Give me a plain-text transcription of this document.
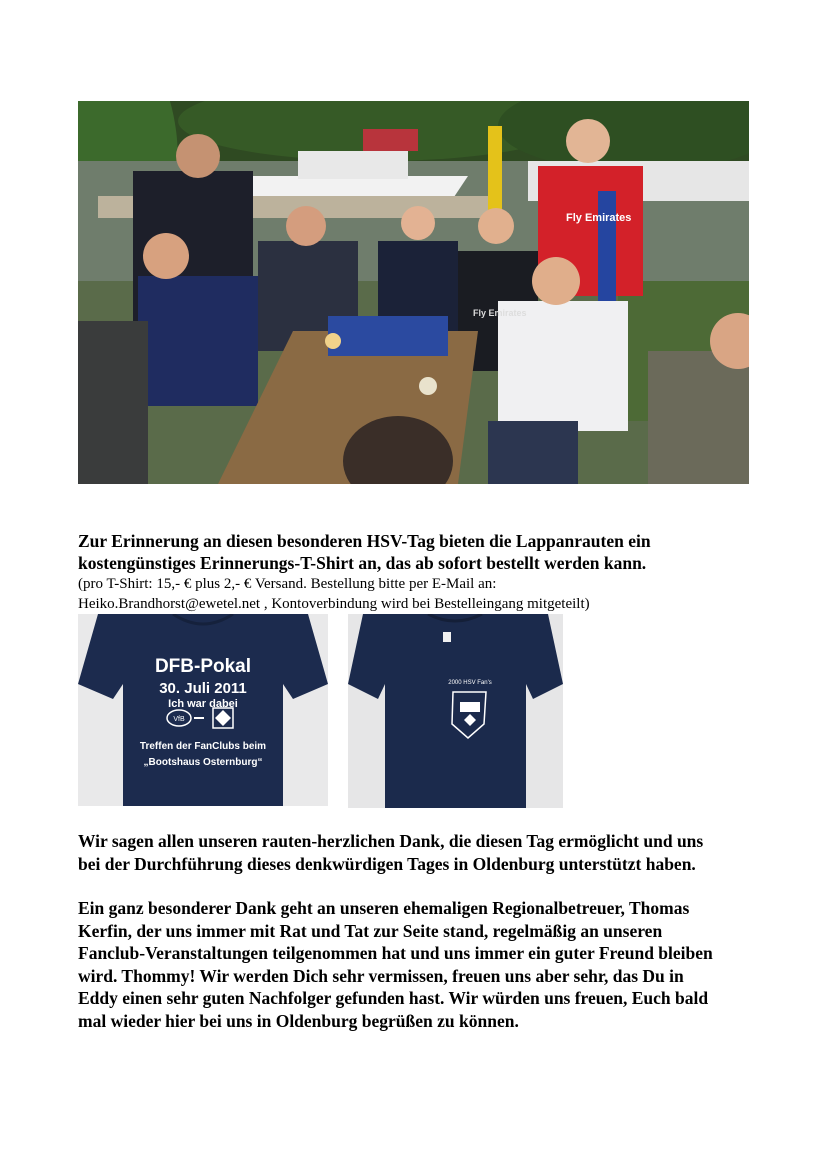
Fly Emirates
Fly Emirates

Zur Erinnerung an diesen besonderen HSV-Tag bieten die Lappanrauten ein

kostengünstiges Erinnerungs-T-Shirt an, das ab sofort bestellt werden kann.

(pro T-Shirt: 15,- € plus 2,- € Versand. Bestellung bitte per E-Mail an:

Heiko.Brandhorst@ewetel.net , Kontoverbindung wird bei Bestelleingang mitgeteilt)

DFB-Pokal
30. Juli 2011
Ich war dabei
VfB
Treffen der FanClubs beim
„Bootshaus Osternburg“
2000 HSV Fan's
Wir sagen allen unseren rauten-herzlichen Dank, die diesen Tag ermöglicht und uns
bei der Durchführung dieses denkwürdigen Tages in Oldenburg unterstützt haben.
Ein ganz besonderer Dank geht an unseren ehemaligen Regionalbetreuer, Thomas
Kerfin, der uns immer mit Rat und Tat zur Seite stand, regelmäßig an unseren
Fanclub-Veranstaltungen teilgenommen hat und uns immer ein guter Freund bleiben
wird. Thommy! Wir werden Dich sehr vermissen, freuen uns aber sehr, das Du in
Eddy einen sehr guten Nachfolger gefunden hast. Wir würden uns freuen, Euch bald
mal wieder hier bei uns in Oldenburg begrüßen zu können.
